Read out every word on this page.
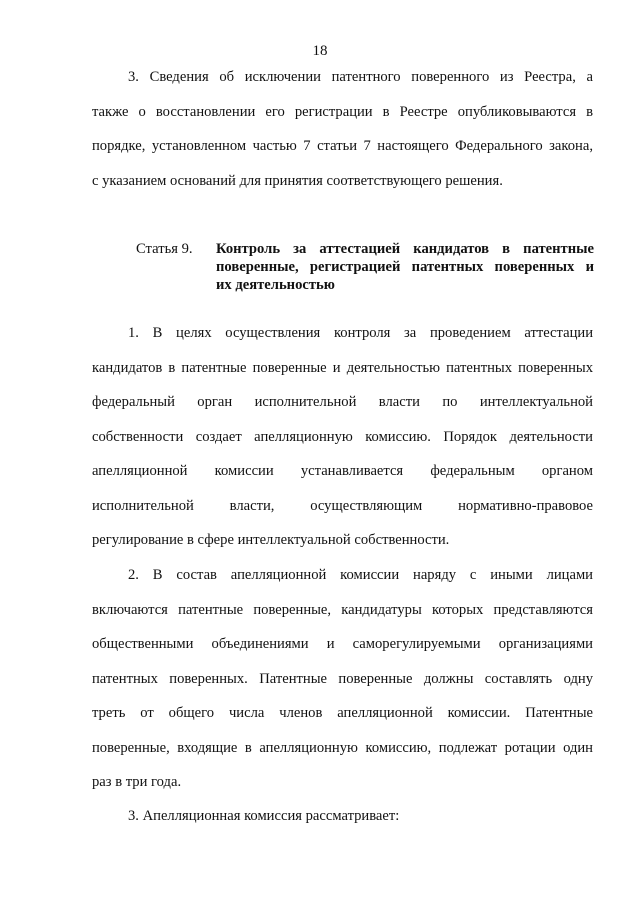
18
3. Сведения об исключении патентного поверенного из Реестра, а
также о восстановлении его регистрации в Реестре опубликовываются в
порядке, установленном частью 7 статьи 7 настоящего Федерального закона,
с указанием оснований для принятия соответствующего решения.
Статья 9.	Контроль за аттестацией кандидатов в патентные
поверенные, регистрацией патентных поверенных и
их деятельностью
1. В целях осуществления контроля за проведением аттестации
кандидатов в патентные поверенные и деятельностью патентных поверенных
федеральный орган исполнительной власти по интеллектуальной
собственности создает апелляционную комиссию. Порядок деятельности
апелляционной комиссии устанавливается федеральным органом
исполнительной власти, осуществляющим нормативно-правовое
регулирование в сфере интеллектуальной собственности.
2. В состав апелляционной комиссии наряду с иными лицами
включаются патентные поверенные, кандидатуры которых представляются
общественными объединениями и саморегулируемыми организациями
патентных поверенных. Патентные поверенные должны составлять одну
треть от общего числа членов апелляционной комиссии. Патентные
поверенные, входящие в апелляционную комиссию, подлежат ротации один
раз в три года.
3. Апелляционная комиссия рассматривает:
